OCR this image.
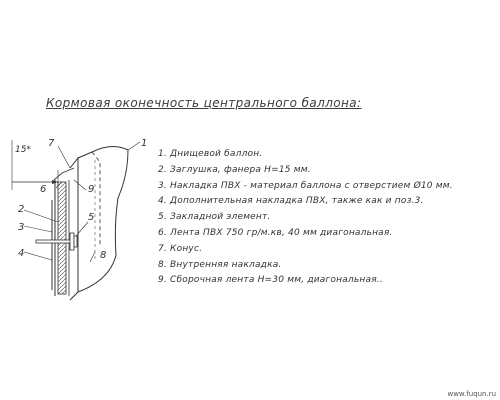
Кормовая оконечность центрального баллона:
15*
1
2
3
4
5
6
7
8
9
1. Днищевой баллон.
2. Заглушка, фанера H=15 мм.
3. Накладка ПВХ - материал баллона с отверстием Ø10 мм.
4. Дополнительная накладка ПВХ, также как и поз.3.
5. Закладной элемент.
6. Лента ПВХ 750 гр/м.кв, 40 мм диагональная.
7. Конус.
8. Внутренняя накладка.
9. Сборочная лента H=30 мм, диагональная..
www.fuqun.ru
